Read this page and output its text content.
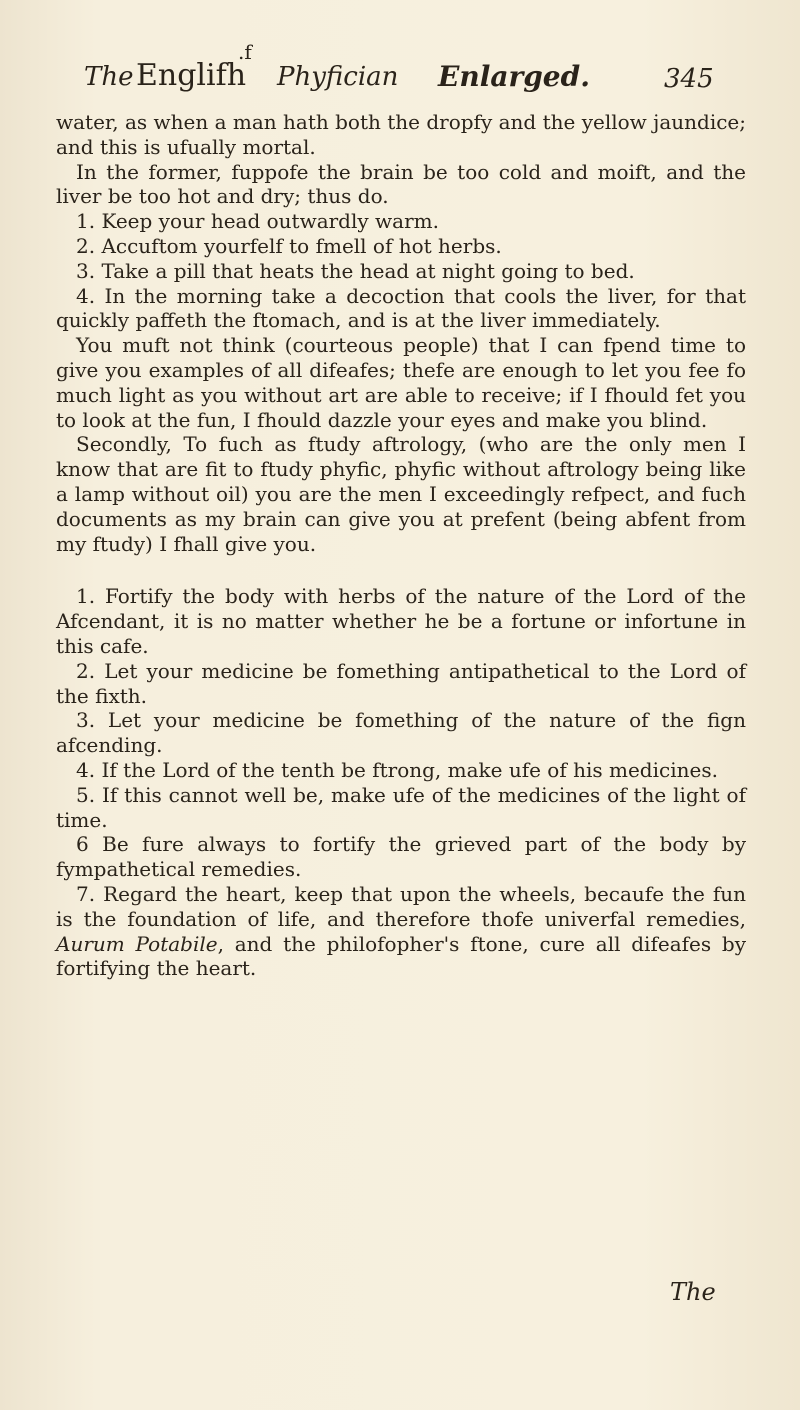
.f
The Englifh Phyfician Enlarged.	345

water, as when a man hath both the dropfy and the yellow jaundice; and this is ufually mortal.

In the former, fuppofe the brain be too cold and moift, and the liver be too hot and dry; thus do.

1. Keep your head outwardly warm.

2. Accuftom yourfelf to fmell of hot herbs.

3. Take a pill that heats the head at night going to bed.

4. In the morning take a decoction that cools the liver, for that quickly paffeth the ftomach, and is at the liver immediately.

You muft not think (courteous people) that I can fpend time to give you examples of all difeafes; thefe are enough to let you fee fo much light as you without art are able to receive; if I fhould fet you to look at the fun, I fhould dazzle your eyes and make you blind.

Secondly, To fuch as ftudy aftrology, (who are the only men I know that are fit to ftudy phyfic, phyfic without aftrology being like a lamp without oil) you are the men I exceedingly refpect, and fuch documents as my brain can give you at prefent (being abfent from my ftudy) I fhall give you.

1. Fortify the body with herbs of the nature of the Lord of the Afcendant, it is no matter whether he be a fortune or infortune in this cafe.

2. Let your medicine be fomething antipathetical to the Lord of the fixth.

3. Let your medicine be fomething of the nature of the fign afcending.

4. If the Lord of the tenth be ftrong, make ufe of his medicines.

5. If this cannot well be, make ufe of the medicines of the light of time.

6 Be fure always to fortify the grieved part of the body by fympathetical remedies.

7. Regard the heart, keep that upon the wheels, becaufe the fun is the foundation of life, and therefore thofe univerfal remedies, Aurum Potabile, and the philofopher's ftone, cure all difeafes by fortifying the heart.

The
